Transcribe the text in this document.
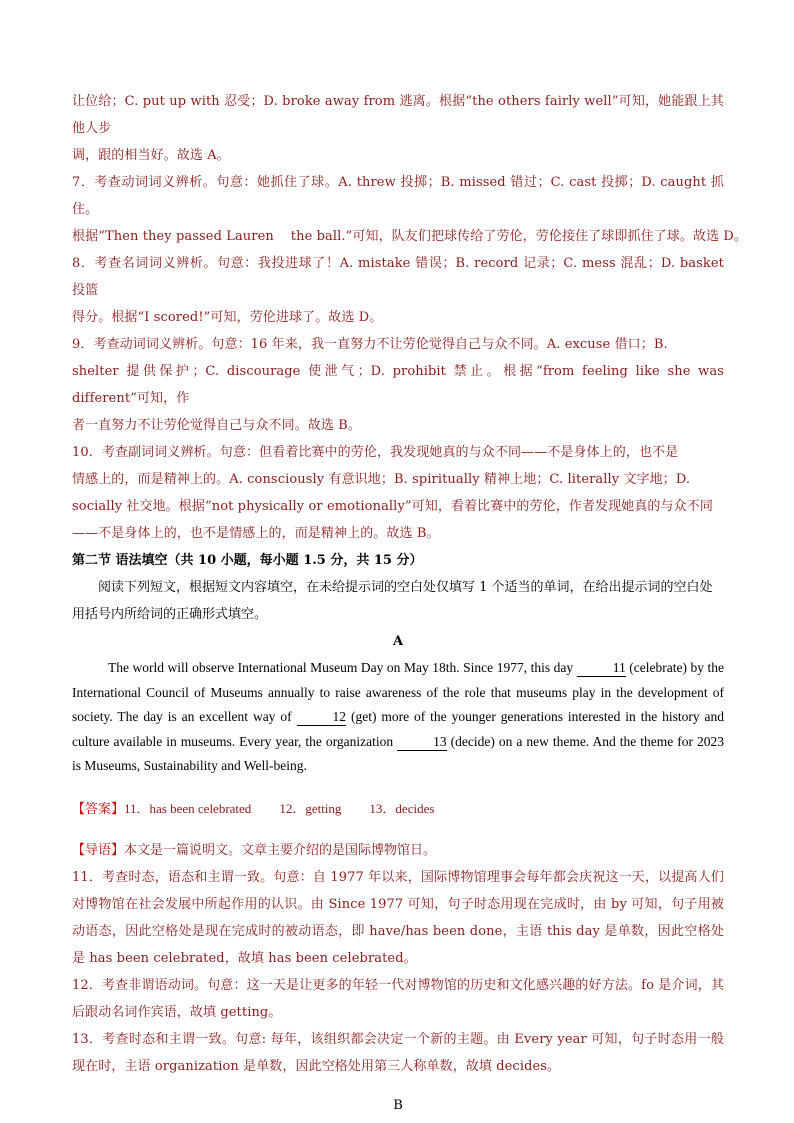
让位给；C. put up with 忍受；D. broke away from 逃离。根据“the others fairly well”可知，她能跟上其他人步

调，跟的相当好。故选 A。

7．考查动词词义辨析。句意：她抓住了球。A. threw 投掷；B. missed 错过；C. cast 投掷；D. caught 抓住。

根据“Then they passed Lauren    the ball.”可知，队友们把球传给了劳伦，劳伦接住了球即抓住了球。故选 D。

8．考查名词词义辨析。句意：我投进球了！A. mistake 错误；B. record 记录；C. mess 混乱；D. basket 投篮

得分。根据“I scored!”可知，劳伦进球了。故选 D。

9．考查动词词义辨析。句意：16 年来，我一直努力不让劳伦觉得自己与众不同。A. excuse 借口；B.

shelter 提供保护；C. discourage 使泄气；D. prohibit 禁止。根据“from feeling like she was different”可知，作

者一直努力不让劳伦觉得自己与众不同。故选 B。

10．考查副词词义辨析。句意：但看着比赛中的劳伦，我发现她真的与众不同——不是身体上的，也不是

情感上的，而是精神上的。A. consciously 有意识地；B. spiritually 精神上地；C. literally 文字地；D.

socially 社交地。根据“not physically or emotionally”可知，看着比赛中的劳伦，作者发现她真的与众不同

——不是身体上的，也不是情感上的，而是精神上的。故选 B。

第二节 语法填空（共 10 小题，每小题 1.5 分，共 15 分）

阅读下列短文，根据短文内容填空，在未给提示词的空白处仅填写 1 个适当的单词，在给出提示词的空白处用括号内所给词的正确形式填空。

A

The world will observe International Museum Day on May 18th. Since 1977, this day	11 (celebrate) by the International Council of Museums annually to raise awareness of the role that museums play in the development of society. The day is an excellent way of	12 (get) more of the younger generations interested in the history and culture available in museums. Every year, the organization	13 (decide) on a new theme. And the theme for 2023 is Museums, Sustainability and Well-being.

【答案】11．has been celebrated 12．getting 13．decides

【导语】本文是一篇说明文。文章主要介绍的是国际博物馆日。

11．考查时态，语态和主谓一致。句意：自 1977 年以来，国际博物馆理事会每年都会庆祝这一天，以提高人们对博物馆在社会发展中所起作用的认识。由 Since 1977 可知，句子时态用现在完成时，由 by 可知，句子用被动语态，因此空格处是现在完成时的被动语态，即 have/has been done，主语 this day 是单数，因此空格处是 has been celebrated，故填 has been celebrated。

12．考查非谓语动词。句意：这一天是让更多的年轻一代对博物馆的历史和文化感兴趣的好方法。fo 是介词，其后跟动名词作宾语，故填 getting。

13．考查时态和主谓一致。句意: 每年，该组织都会决定一个新的主题。由 Every year 可知，句子时态用一般现在时，主语 organization 是单数，因此空格处用第三人称单数，故填 decides。

B
